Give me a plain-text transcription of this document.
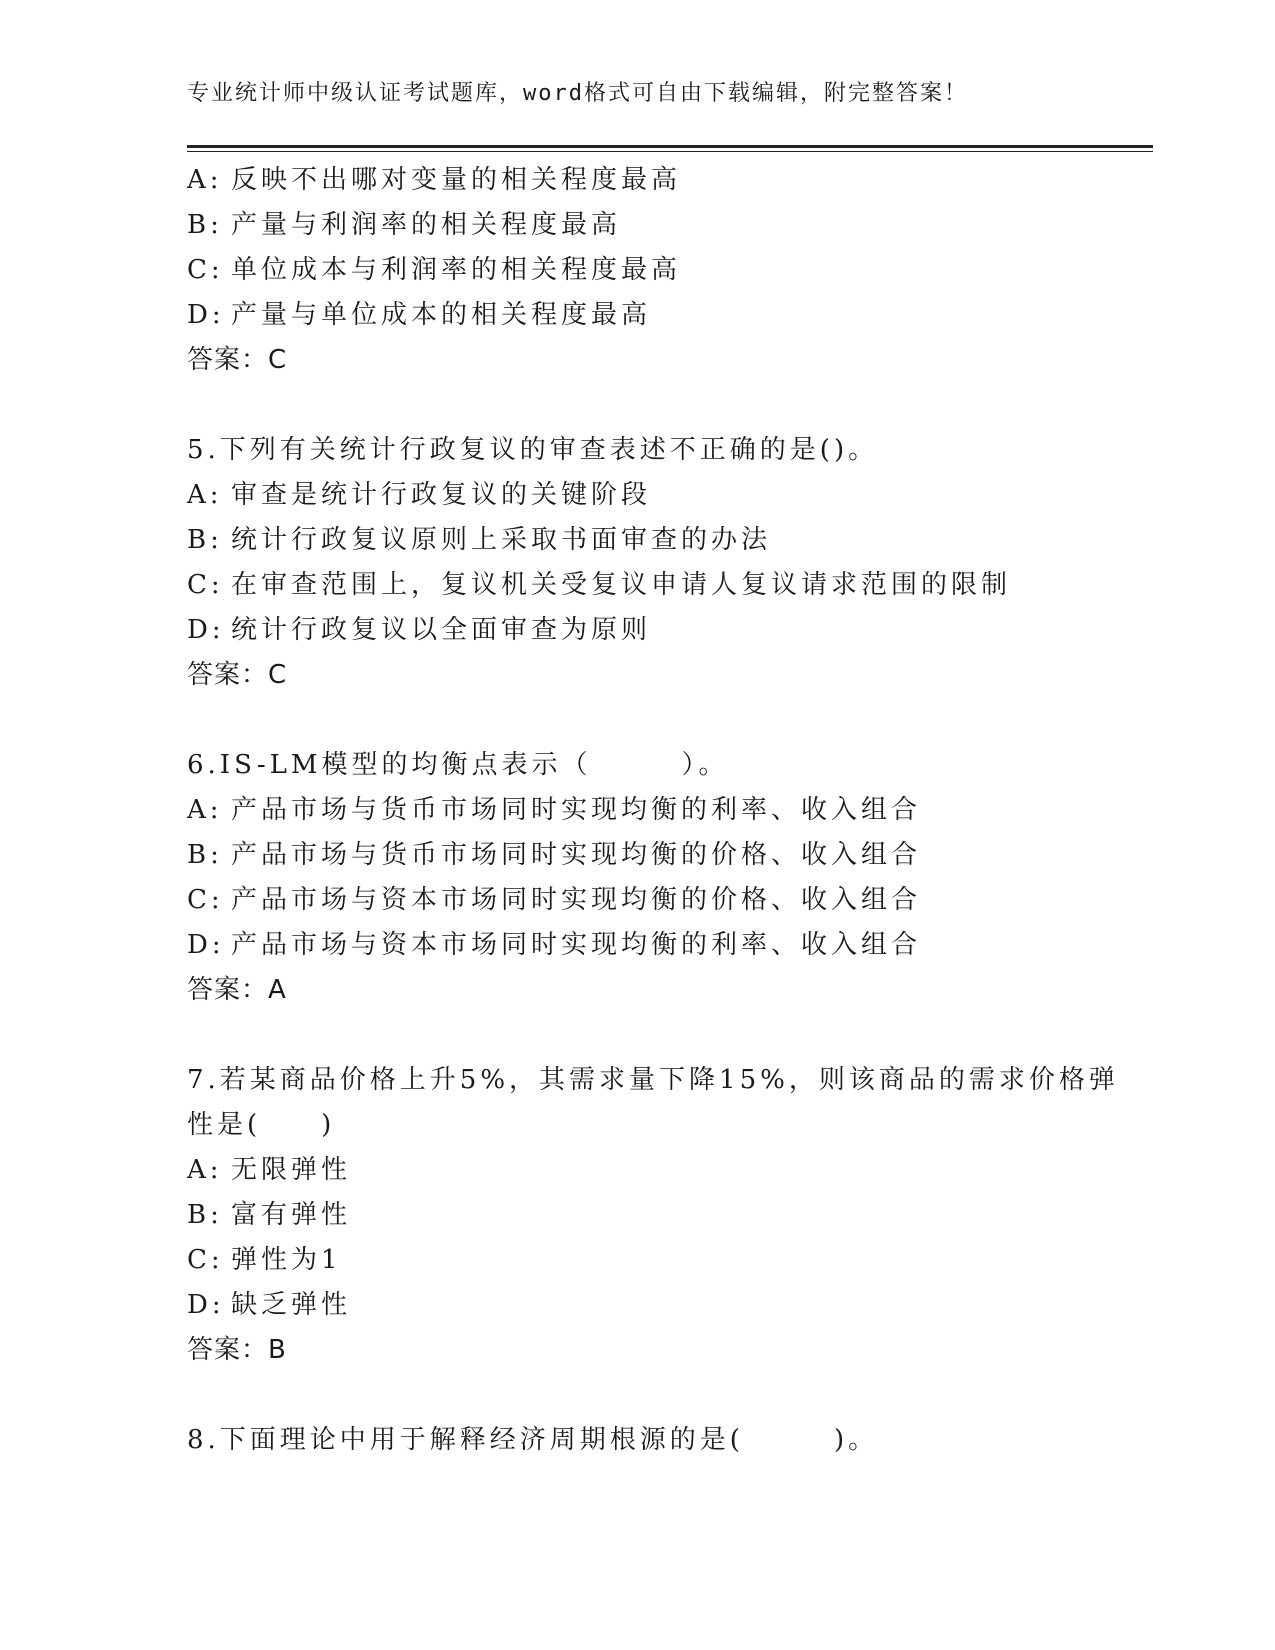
专业统计师中级认证考试题库，word格式可自由下载编辑，附完整答案！
A: 反映不出哪对变量的相关程度最高
B: 产量与利润率的相关程度最高
C: 单位成本与利润率的相关程度最高
D: 产量与单位成本的相关程度最高
答案：C
5.下列有关统计行政复议的审查表述不正确的是()。
A: 审查是统计行政复议的关键阶段
B: 统计行政复议原则上采取书面审查的办法
C: 在审查范围上，复议机关受复议申请人复议请求范围的限制
D: 统计行政复议以全面审查为原则
答案：C
6.IS-LM模型的均衡点表示（　　　）。
A: 产品市场与货币市场同时实现均衡的利率、收入组合
B: 产品市场与货币市场同时实现均衡的价格、收入组合
C: 产品市场与资本市场同时实现均衡的价格、收入组合
D: 产品市场与资本市场同时实现均衡的利率、收入组合
答案：A
7.若某商品价格上升5%，其需求量下降15%，则该商品的需求价格弹
性是(　　)
A: 无限弹性
B: 富有弹性
C: 弹性为1
D: 缺乏弹性
答案：B
8.下面理论中用于解释经济周期根源的是(　　　)。
